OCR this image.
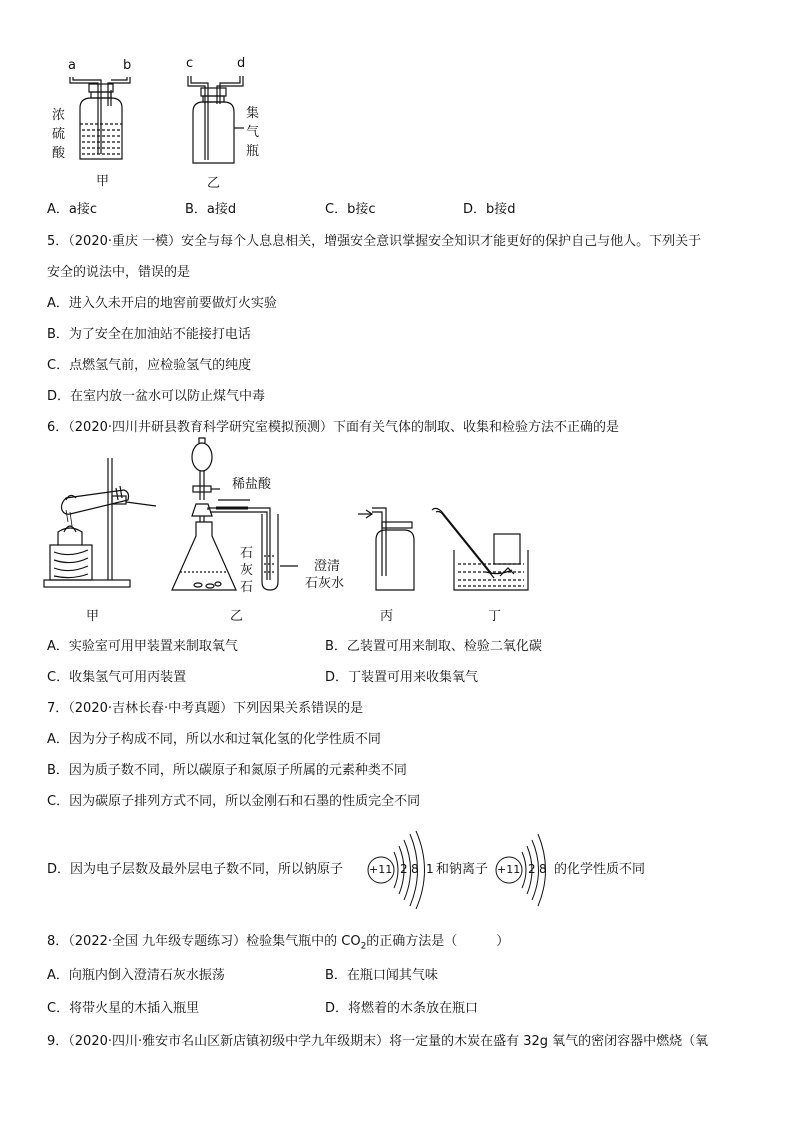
a	b	c	d
浓
硫
酸
集
气
瓶
甲	乙
A．a接c	B．a接d	C．b接c	D．b接d
5．（2020·重庆 一模）安全与每个人息息相关，增强安全意识掌握安全知识才能更好的保护自己与他人。下列关于
安全的说法中，错误的是
A．进入久未开启的地窖前要做灯火实验
B．为了安全在加油站不能接打电话
C．点燃氢气前，应检验氢气的纯度
D．在室内放一盆水可以防止煤气中毒
6．（2020·四川井研县教育科学研究室模拟预测）下面有关气体的制取、收集和检验方法不正确的是
稀盐酸
石
灰
石
澄清
石灰水
甲	乙	丙	丁
A．实验室可用甲装置来制取氧气	B．乙装置可用来制取、检验二氧化碳
C．收集氢气可用丙装置	D．丁装置可用来收集氧气
7．（2020·吉林长春·中考真题）下列因果关系错误的是
A．因为分子构成不同，所以水和过氧化氢的化学性质不同
B．因为质子数不同，所以碳原子和氮原子所属的元素种类不同
C．因为碳原子排列方式不同，所以金刚石和石墨的性质完全不同
D．因为电子层数及最外层电子数不同，所以钠原子 +11 2 8 1 和钠离子 +11 2 8 的化学性质不同
8．（2022·全国 九年级专题练习）检验集气瓶中的 $CO_2$的正确方法是（　　　）
A．向瓶内倒入澄清石灰水振荡	B．在瓶口闻其气味
C．将带火星的木插入瓶里	D．将燃着的木条放在瓶口
9．（2020·四川·雅安市名山区新店镇初级中学九年级期末）将一定量的木炭在盛有 32g 氧气的密闭容器中燃烧（氧
